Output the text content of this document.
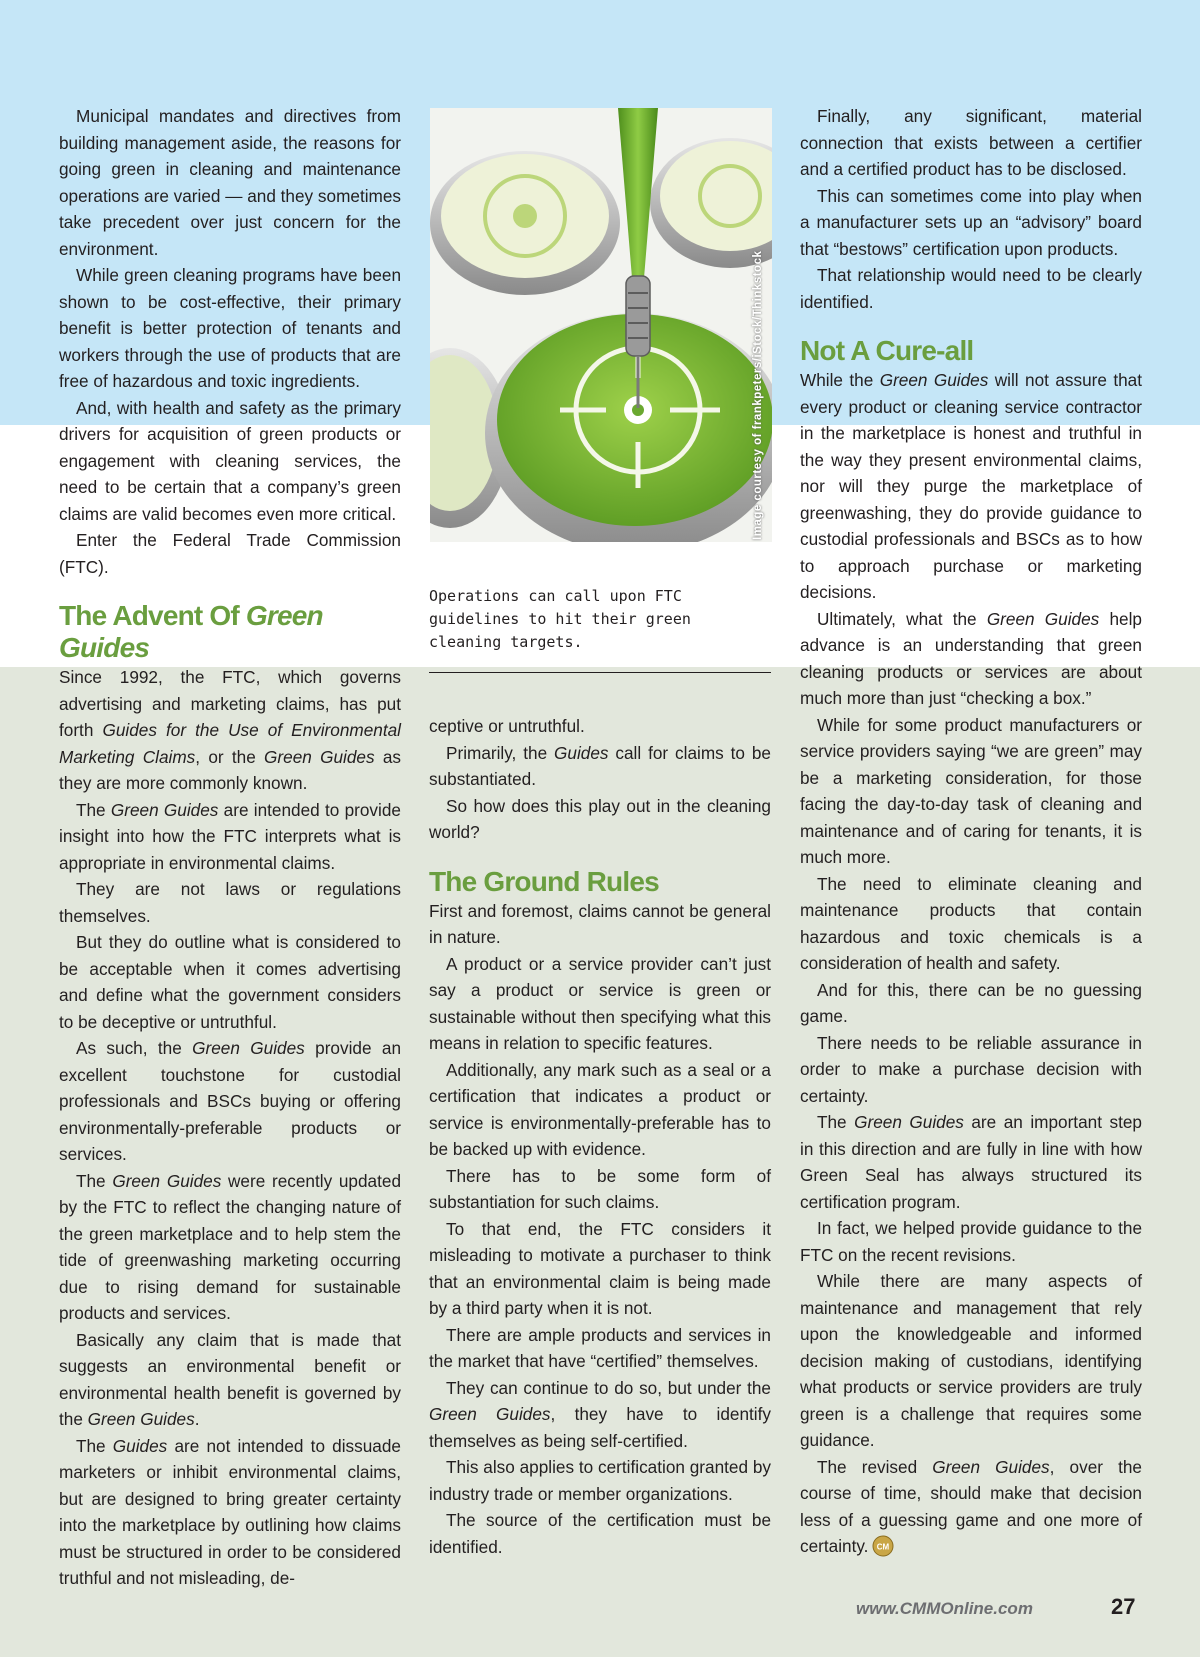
Municipal mandates and directives from building management aside, the reasons for going green in cleaning and maintenance operations are varied — and they sometimes take precedent over just concern for the environment.

While green cleaning programs have been shown to be cost-effective, their primary benefit is better protection of tenants and workers through the use of products that are free of hazardous and toxic ingredients.

And, with health and safety as the primary drivers for acquisition of green products or engagement with cleaning services, the need to be certain that a company’s green claims are valid becomes even more critical.

Enter the Federal Trade Commission (FTC).

The Advent Of Green Guides

Since 1992, the FTC, which governs advertising and marketing claims, has put forth Guides for the Use of Environmental Marketing Claims, or the Green Guides as they are more commonly known.

The Green Guides are intended to provide insight into how the FTC interprets what is appropriate in environmental claims.

They are not laws or regulations themselves.

But they do outline what is considered to be acceptable when it comes advertising and define what the government considers to be deceptive or untruthful.

As such, the Green Guides provide an excellent touchstone for custodial professionals and BSCs buying or offering environmentally-preferable products or services.

The Green Guides were recently updated by the FTC to reflect the changing nature of the green marketplace and to help stem the tide of greenwashing marketing occurring due to rising demand for sustainable products and services.

Basically any claim that is made that suggests an environmental benefit or environmental health benefit is governed by the Green Guides.

The Guides are not intended to dissuade marketers or inhibit environmental claims, but are designed to bring greater certainty into the marketplace by outlining how claims must be structured in order to be considered truthful and not misleading, de-

Image courtesy of frankpeters/iStock/Thinkstock
Operations can call upon FTC guidelines to hit their green cleaning targets.

ceptive or untruthful.

Primarily, the Guides call for claims to be substantiated.

So how does this play out in the cleaning world?

The Ground Rules

First and foremost, claims cannot be general in nature.

A product or a service provider can’t just say a product or service is green or sustainable without then specifying what this means in relation to specific features.

Additionally, any mark such as a seal or a certification that indicates a product or service is environmentally-preferable has to be backed up with evidence.

There has to be some form of substantiation for such claims.

To that end, the FTC considers it misleading to motivate a purchaser to think that an environmental claim is being made by a third party when it is not.

There are ample products and services in the market that have “certified” themselves.

They can continue to do so, but under the Green Guides, they have to identify themselves as being self-certified.

This also applies to certification granted by industry trade or member organizations.

The source of the certification must be identified.

Finally, any significant, material connection that exists between a certifier and a certified product has to be disclosed.

This can sometimes come into play when a manufacturer sets up an “advisory” board that “bestows” certification upon products.

That relationship would need to be clearly identified.

Not A Cure-all

While the Green Guides will not assure that every product or cleaning service contractor in the marketplace is honest and truthful in the way they present environmental claims, nor will they purge the marketplace of greenwashing, they do provide guidance to custodial professionals and BSCs as to how to approach purchase or marketing decisions.

Ultimately, what the Green Guides help advance is an understanding that green cleaning products or services are about much more than just “checking a box.”

While for some product manufacturers or service providers saying “we are green” may be a marketing consideration, for those facing the day-to-day task of cleaning and maintenance and of caring for tenants, it is much more.

The need to eliminate cleaning and maintenance products that contain hazardous and toxic chemicals is a consideration of health and safety.

And for this, there can be no guessing game.

There needs to be reliable assurance in order to make a purchase decision with certainty.

The Green Guides are an important step in this direction and are fully in line with how Green Seal has always structured its certification program.

In fact, we helped provide guidance to the FTC on the recent revisions.

While there are many aspects of maintenance and management that rely upon the knowledgeable and informed decision making of custodians, identifying what products or service providers are truly green is a challenge that requires some guidance.

The revised Green Guides, over the course of time, should make that decision less of a guessing game and one more of certainty. CM

www.CMMOnline.com	27
